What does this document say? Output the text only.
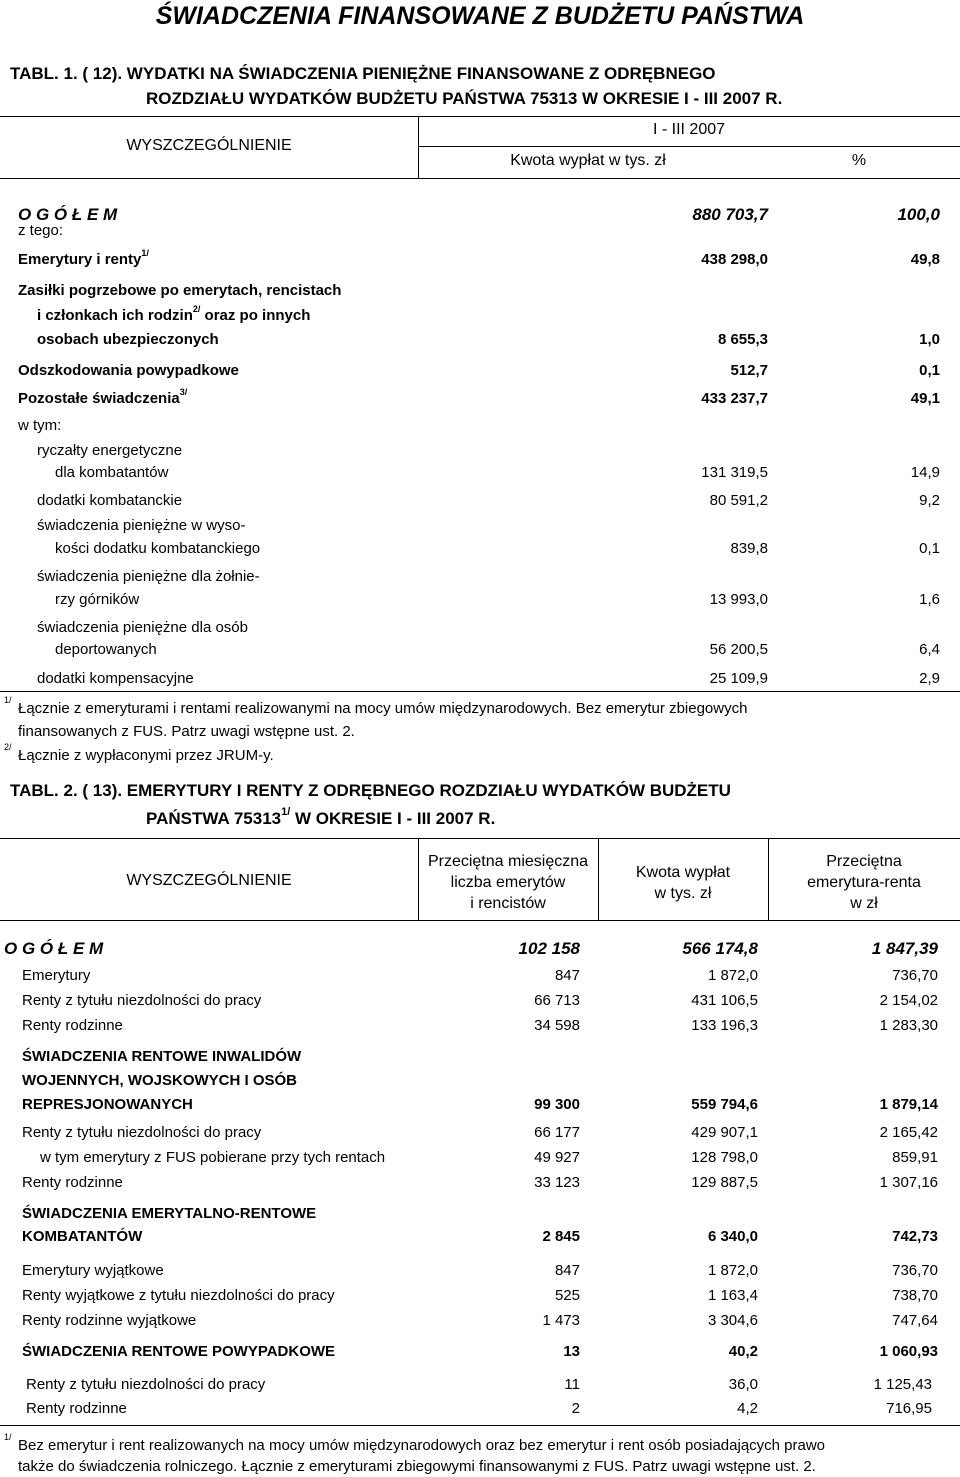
ŚWIADCZENIA FINANSOWANE Z BUDŻETU PAŃSTWA
TABL. 1. ( 12). WYDATKI NA ŚWIADCZENIA PIENIĘŻNE FINANSOWANE Z ODRĘBNEGO
ROZDZIAŁU WYDATKÓW BUDŻETU PAŃSTWA 75313 W OKRESIE I - III 2007 R.
WYSZCZEGÓLNIENIE
I - III 2007
Kwota wypłat w tys. zł	%
O G Ó Ł E M	880 703,7	100,0
z tego:
Emerytury i renty$^{1/}$	438 298,0	49,8
Zasiłki pogrzebowe po emerytach, rencistach
i członkach ich rodzin$^{2/}$ oraz po innych
osobach ubezpieczonych	8 655,3	1,0
Odszkodowania powypadkowe	512,7	0,1
Pozostałe świadczenia$^{3/}$	433 237,7	49,1
w tym:
ryczałty energetyczne
dla kombatantów	131 319,5	14,9
dodatki kombatanckie	80 591,2	9,2
świadczenia pieniężne w wyso-
kości dodatku kombatanckiego	839,8	0,1
świadczenia pieniężne dla żołnie-
rzy górników	13 993,0	1,6
świadczenia pieniężne dla osób
deportowanych	56 200,5	6,4
dodatki kompensacyjne	25 109,9	2,9
1/ Łącznie z emeryturami i rentami realizowanymi na mocy umów międzynarodowych. Bez emerytur zbiegowych
finansowanych z FUS. Patrz uwagi wstępne ust. 2.
2/ Łącznie z wypłaconymi przez JRUM-y.
TABL. 2. ( 13). EMERYTURY I RENTY Z ODRĘBNEGO ROZDZIAŁU WYDATKÓW BUDŻETU
PAŃSTWA $75313^{1/}$ W OKRESIE I - III 2007 R.
WYSZCZEGÓLNIENIE
Przeciętna miesięczna
liczba emerytów
i rencistów
Kwota wypłat
w tys. zł
Przeciętna
emerytura-renta
w zł
O G Ó Ł E M	102 158	566 174,8	1 847,39
Emerytury	847	1 872,0	736,70
Renty z tytułu niezdolności do pracy	66 713	431 106,5	2 154,02
Renty rodzinne	34 598	133 196,3	1 283,30
ŚWIADCZENIA RENTOWE INWALIDÓW
WOJENNYCH, WOJSKOWYCH I OSÓB
REPRESJONOWANYCH	99 300	559 794,6	1 879,14
Renty z tytułu niezdolności do pracy	66 177	429 907,1	2 165,42
w tym emerytury z FUS pobierane przy tych rentach	49 927	128 798,0	859,91
Renty rodzinne	33 123	129 887,5	1 307,16
ŚWIADCZENIA EMERYTALNO-RENTOWE
KOMBATANTÓW	2 845	6 340,0	742,73
Emerytury wyjątkowe	847	1 872,0	736,70
Renty wyjątkowe z tytułu niezdolności do pracy	525	1 163,4	738,70
Renty rodzinne wyjątkowe	1 473	3 304,6	747,64
ŚWIADCZENIA RENTOWE POWYPADKOWE	13	40,2	1 060,93
Renty z tytułu niezdolności do pracy	11	36,0	1 125,43
Renty rodzinne	2	4,2	716,95
1/ Bez emerytur i rent realizowanych na mocy umów międzynarodowych oraz bez emerytur i rent osób posiadających prawo
także do świadczenia rolniczego. Łącznie z emeryturami zbiegowymi finansowanymi z FUS. Patrz uwagi wstępne ust. 2.
